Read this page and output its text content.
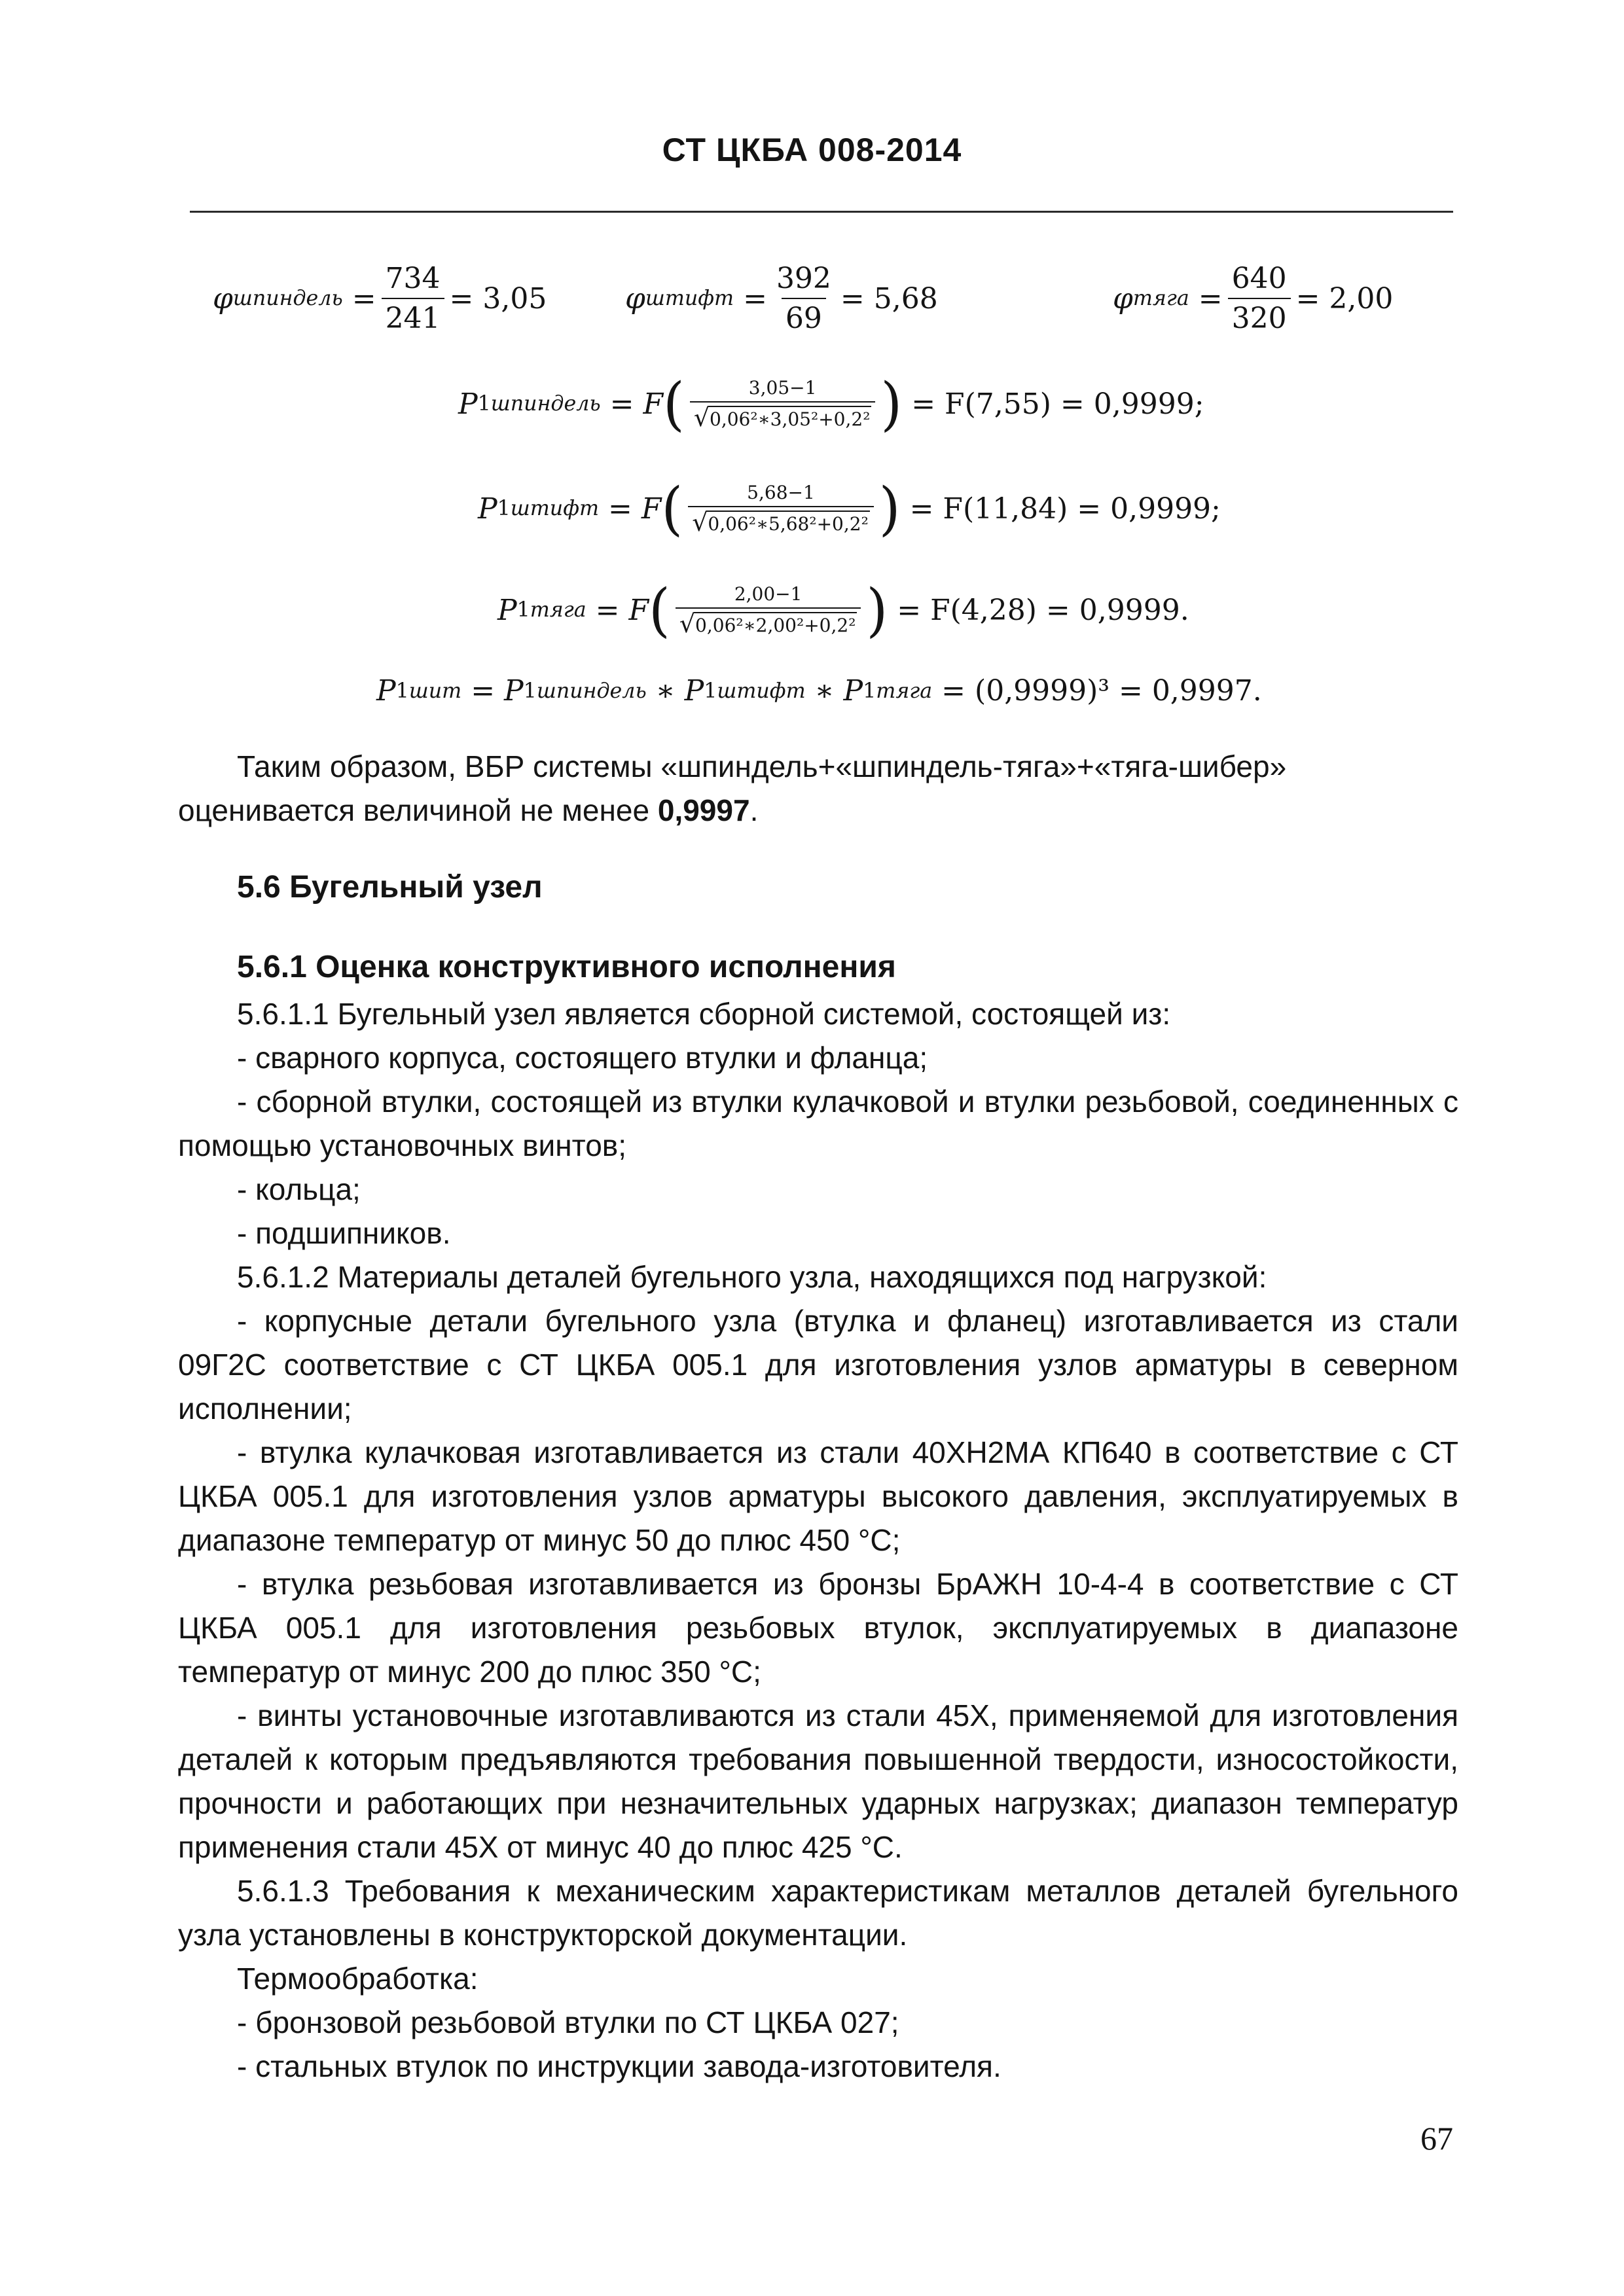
СТ ЦКБА 008-2014
φ шпиндель = $\frac{734}{241} = 3,05$	φ штифт = $\frac{392}{69} = 5,68$	φ тяга = $\frac{640}{320} = 2,00$
P 1 шпиндель = F ( $\frac{3,05-1}{\text{√ 0,06²∗3,05²+0,2²}}$ ) = F(7,55) = 0,9999;
P 1 штифт = F ( $\frac{5,68-1}{\text{√ 0,06²∗5,68²+0,2²}}$ ) = F(11,84) = 0,9999;
P 1 тяга = F ( $\frac{2,00-1}{\text{√ 0,06²∗2,00²+0,2²}}$ ) = F(4,28) = 0,9999.
P 1 шит = P 1 шпиндель ∗ P 1 штифт ∗ P 1 тяга = (0,9999)³ = 0,9997.

Таким образом, ВБР системы «шпиндель+«шпиндель-тяга»+«тяга-шибер»

оценивается величиной не менее 0,9997.

5.6 Бугельный узел
5.6.1 Оценка конструктивного исполнения

5.6.1.1 Бугельный узел является сборной системой, состоящей из:

- сварного корпуса, состоящего втулки и фланца;

- сборной втулки, состоящей из втулки кулачковой и втулки резьбовой, соединенных с помощью установочных винтов;

- кольца;

- подшипников.

5.6.1.2 Материалы деталей бугельного узла, находящихся под нагрузкой:

- корпусные детали бугельного узла (втулка и фланец) изготавливается из стали 09Г2С соответствие с СТ ЦКБА 005.1 для изготовления узлов арматуры в северном исполнении;

- втулка кулачковая изготавливается из стали 40ХН2МА КП640 в соответствие с СТ ЦКБА 005.1 для изготовления узлов арматуры высокого давления, эксплуатируемых в диапазоне температур от минус 50 до плюс 450 °С;

- втулка резьбовая изготавливается из бронзы БрАЖН 10-4-4 в соответствие с СТ ЦКБА 005.1 для изготовления резьбовых втулок, эксплуатируемых в диапазоне температур от минус 200 до плюс 350 °С;

- винты установочные изготавливаются из стали 45Х, применяемой для изготовления деталей к которым предъявляются требования повышенной твердости, износостойкости, прочности и работающих при незначительных ударных нагрузках; диапазон температур применения стали 45Х от минус 40 до плюс 425 °С.

5.6.1.3 Требования к механическим характеристикам металлов деталей бугельного узла установлены в конструкторской документации.

Термообработка:

- бронзовой резьбовой втулки по СТ ЦКБА 027;

- стальных втулок по инструкции завода-изготовителя.

67
